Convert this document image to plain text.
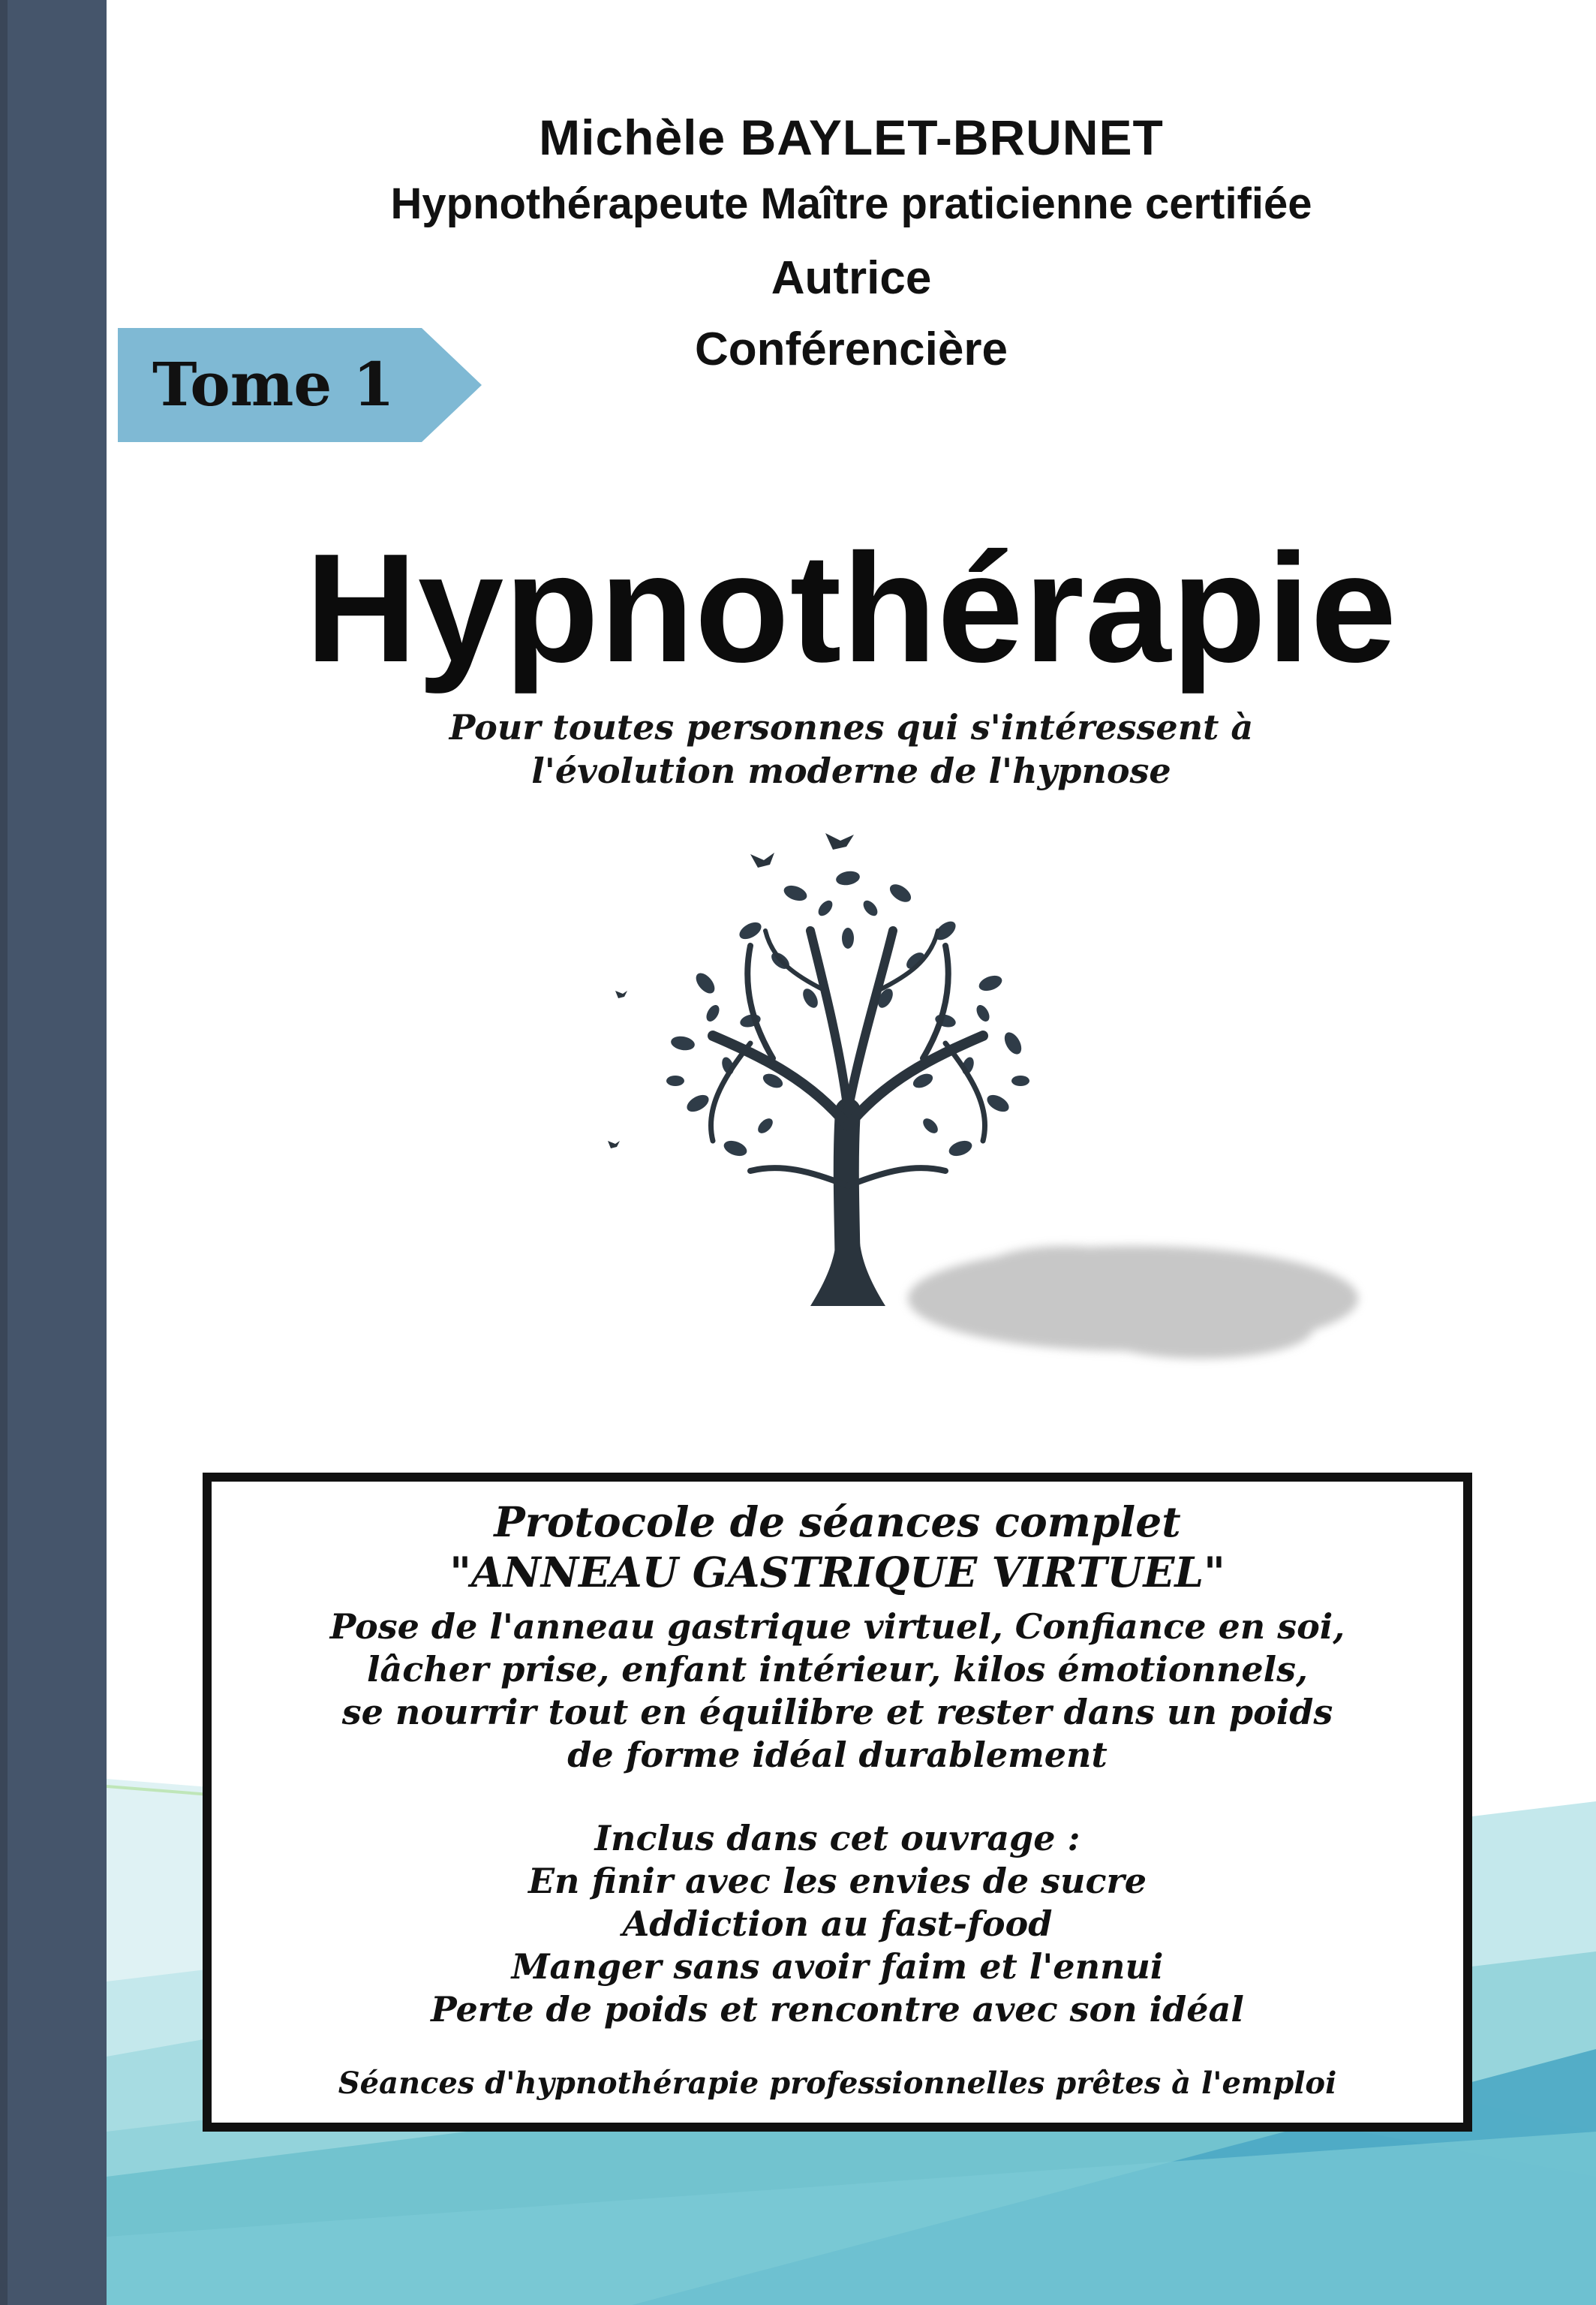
Michèle BAYLET-BRUNET
Hypnothérapeute Maître praticienne certifiée
Autrice
Conférencière
Tome 1
Hypnothérapie
Pour toutes personnes qui s'intéressent à
l'évolution moderne de l'hypnose
Protocole de séances complet
"ANNEAU GASTRIQUE VIRTUEL"
Pose de l'anneau gastrique virtuel, Confiance en soi,
lâcher prise, enfant intérieur, kilos émotionnels,
se nourrir tout en équilibre et rester dans un poids
de forme idéal durablement
Inclus dans cet ouvrage :
En finir avec les envies de sucre
Addiction au fast-food
Manger sans avoir faim et l'ennui
Perte de poids et rencontre avec son idéal
Séances d'hypnothérapie professionnelles prêtes à l'emploi
